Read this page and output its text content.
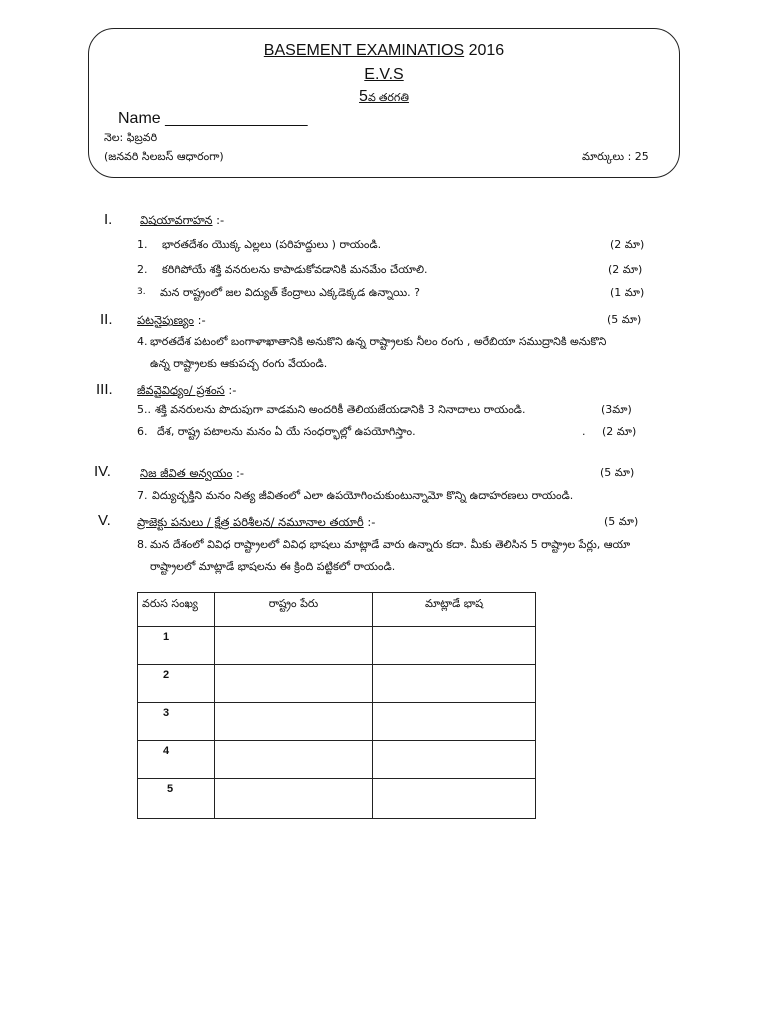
BASEMENT EXAMINATIOS 2016
E.V.S
5వ తరగతి
Name ________________
నెల: ఫిబ్రవరి
(జనవరి సిలబస్ ఆధారంగా)	మార్కులు : 25
I. విషయావగాహన :-
1. భారతదేశం యొక్క ఎల్లలు (పరిహద్దులు ) రాయండి.	(2 మా)
2. కరిగిపోయే శక్తి వనరులను కాపాడుకోవడానికి మనమేం చేయాలి.	(2 మా)
3. మన రాష్ట్రంలో జల విద్యుత్ కేంద్రాలు ఎక్కడెక్కడ ఉన్నాయి. ?	(1 మా)
II. పటనైపుణ్యం :-	(5 మా)
4. భారతదేశ పటంలో బంగాళాఖాతానికి అనుకొని ఉన్న రాష్ట్రాలకు నీలం రంగు , అరేబియా సముద్రానికి అనుకొని
ఉన్న రాష్ట్రాలకు ఆకుపచ్చ రంగు వేయండి.
III. జీవవైవిధ్యం/ ప్రశంస :-
5.. శక్తి వనరులను పొదుపుగా వాడమని అందరికీ తెలియజేయడానికి 3 నినాదాలు రాయండి.	(3మా)
6. దేశ, రాష్ట్ర పటాలను మనం ఏ యే సంధర్భాల్లో ఉపయోగిస్తాం.	. (2 మా)
IV.	నిజ జీవిత అన్వయం :-	(5 మా)
7. విద్యుచ్ఛక్తిని మనం నిత్య జీవితంలో ఎలా ఉపయోగించుకుంటున్నామో కొన్ని ఉదాహరణలు రాయండి.
V. ప్రాజెక్టు పనులు / క్షేత్ర పరిశీలన/ నమూనాల తయారీ :-	(5 మా)
8. మన దేశంలో వివిధ రాష్ట్రాలలో వివిధ భాషలు మాట్లాడే వారు ఉన్నారు కదా. మీకు తెలిసిన 5 రాష్ట్రాల పేర్లు, ఆయా
రాష్ట్రాలలో మాట్లాడే భాషలను ఈ క్రింది పట్టికలో రాయండి.
వరుస సంఖ్య	రాష్ట్రం పేరు	మాట్లాడే భాష
1		
2		
3		
4		
5		
